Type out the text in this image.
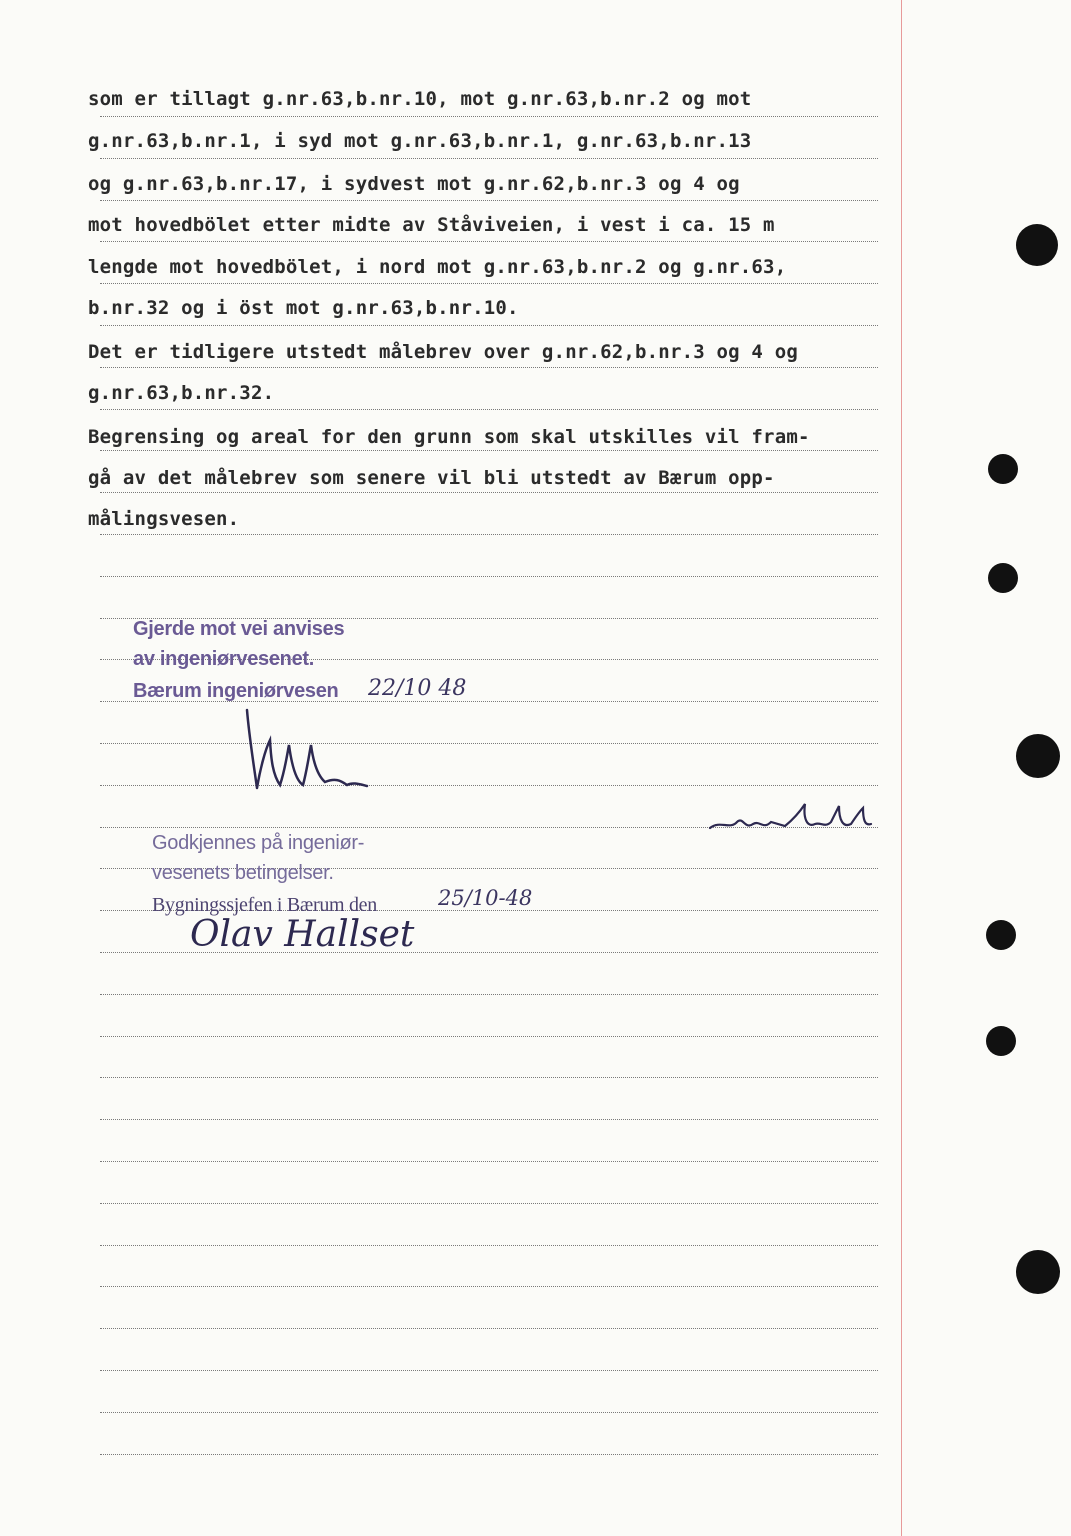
som er tillagt g.nr.63,b.nr.10, mot g.nr.63,b.nr.2 og mot

g.nr.63,b.nr.1, i syd mot g.nr.63,b.nr.1, g.nr.63,b.nr.13

og g.nr.63,b.nr.17, i sydvest mot g.nr.62,b.nr.3 og 4 og

mot hovedbölet etter midte av Ståviveien, i vest i ca. 15 m

lengde mot hovedbölet, i nord mot g.nr.63,b.nr.2 og g.nr.63,

b.nr.32 og i öst mot g.nr.63,b.nr.10.

Det er tidligere utstedt målebrev over g.nr.62,b.nr.3 og 4 og

g.nr.63,b.nr.32.

Begrensing og areal for den grunn som skal utskilles vil fram-

gå av det målebrev som senere vil bli utstedt av Bærum opp-

målingsvesen.

Gjerde mot vei anvises

av ingeniørvesenet.

Bærum ingeniørvesen 22/10 48

Godkjennes på ingeniør-

vesenets betingelser.

Bygningssjefen i Bærum den	25/10-48

Olav Hallset
